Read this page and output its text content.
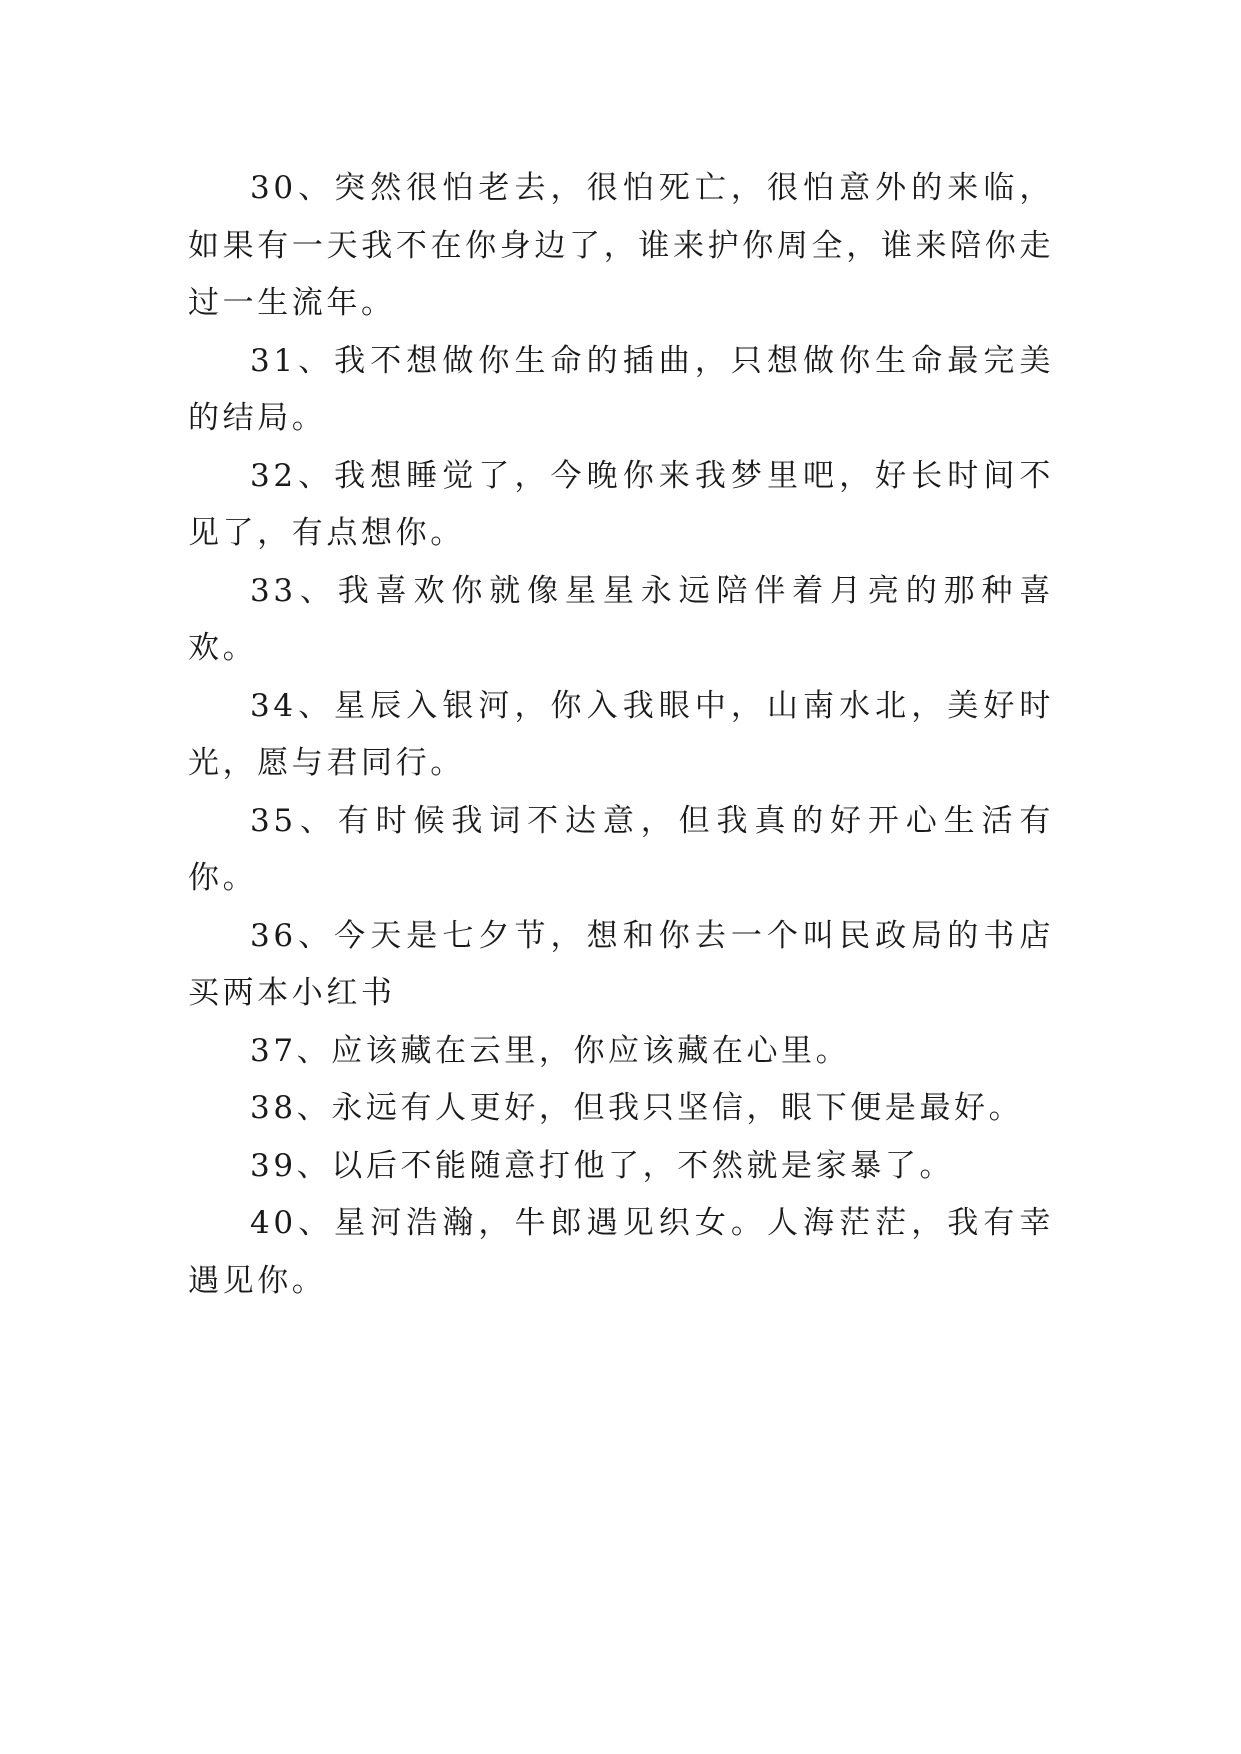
30、突然很怕老去，很怕死亡，很怕意外的来临，如果有一天我不在你身边了，谁来护你周全，谁来陪你走过一生流年。

31、我不想做你生命的插曲，只想做你生命最完美的结局。

32、我想睡觉了，今晚你来我梦里吧，好长时间不见了，有点想你。

33、我喜欢你就像星星永远陪伴着月亮的那种喜欢。

34、星辰入银河，你入我眼中，山南水北，美好时光，愿与君同行。

35、有时候我词不达意，但我真的好开心生活有你。

36、今天是七夕节，想和你去一个叫民政局的书店买两本小红书

37、应该藏在云里，你应该藏在心里。

38、永远有人更好，但我只坚信，眼下便是最好。

39、以后不能随意打他了，不然就是家暴了。

40、星河浩瀚，牛郎遇见织女。人海茫茫，我有幸遇见你。
